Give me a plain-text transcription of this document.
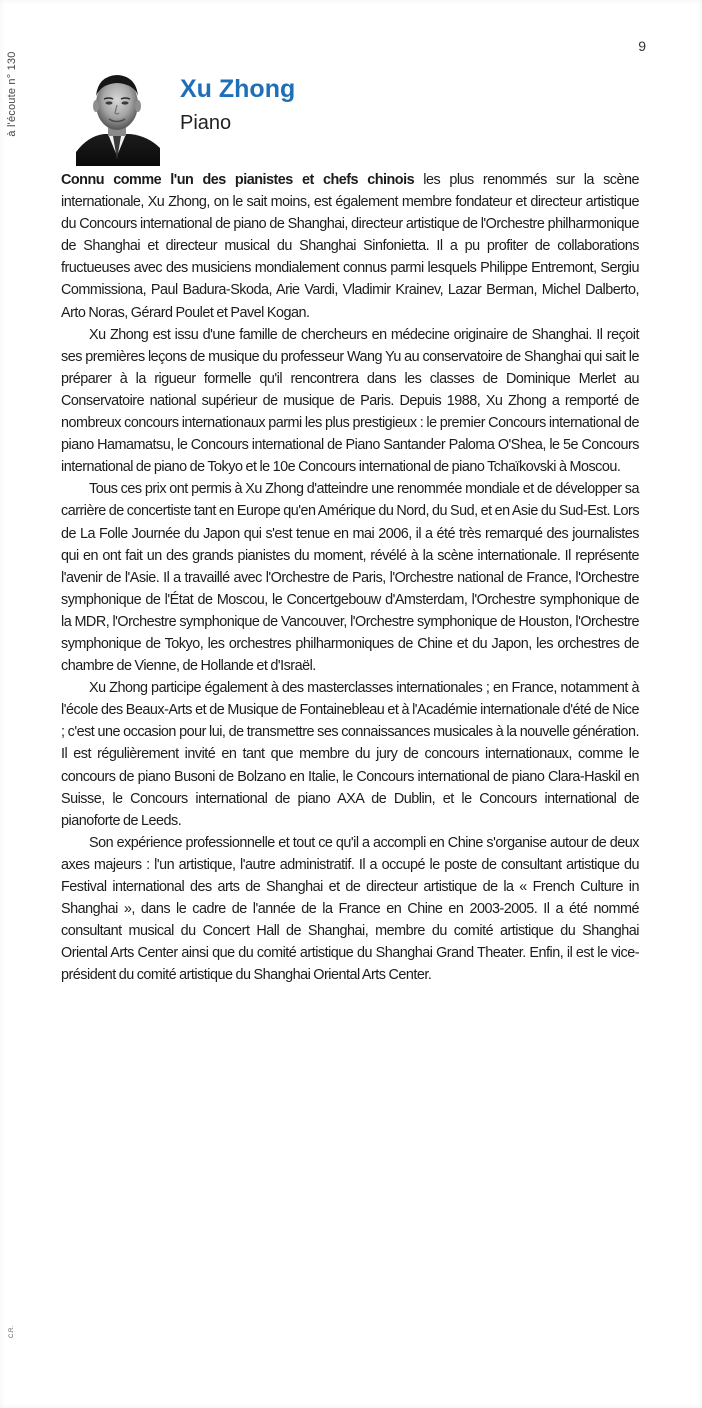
à l'écoute n° 130
9
Xu Zhong
Piano

Connu comme l'un des pianistes et chefs chinois les plus renommés sur la scène internationale, Xu Zhong, on le sait moins, est également membre fondateur et directeur artistique du Concours international de piano de Shanghai, directeur artistique de l'Orchestre philharmonique de Shanghai et directeur musical du Shanghai Sinfonietta. Il a pu profiter de collaborations fructueuses avec des musiciens mondialement connus parmi lesquels Philippe Entremont, Sergiu Commissiona, Paul Badura-Skoda, Arie Vardi, Vladimir Krainev, Lazar Berman, Michel Dalberto, Arto Noras, Gérard Poulet et Pavel Kogan.

Xu Zhong est issu d'une famille de chercheurs en médecine originaire de Shanghai. Il reçoit ses premières leçons de musique du professeur Wang Yu au conservatoire de Shanghai qui sait le préparer à la rigueur formelle qu'il rencontrera dans les classes de Dominique Merlet au Conservatoire national supérieur de musique de Paris. Depuis 1988, Xu Zhong a remporté de nombreux concours internationaux parmi les plus prestigieux : le premier Concours international de piano Hamamatsu, le Concours international de Piano Santander Paloma O'Shea, le 5e Concours international de piano de Tokyo et le 10e Concours international de piano Tchaïkovski à Moscou.

Tous ces prix ont permis à Xu Zhong d'atteindre une renommée mondiale et de développer sa carrière de concertiste tant en Europe qu'en Amérique du Nord, du Sud, et en Asie du Sud-Est. Lors de La Folle Journée du Japon qui s'est tenue en mai 2006, il a été très remarqué des journalistes qui en ont fait un des grands pianistes du moment, révélé à la scène internationale. Il représente l'avenir de l'Asie. Il a travaillé avec l'Orchestre de Paris, l'Orchestre national de France, l'Orchestre symphonique de l'État de Moscou, le Concertgebouw d'Amsterdam, l'Orchestre symphonique de la MDR, l'Orchestre symphonique de Vancouver, l'Orchestre symphonique de Houston, l'Orchestre symphonique de Tokyo, les orchestres philharmoniques de Chine et du Japon, les orchestres de chambre de Vienne, de Hollande et d'Israël.

Xu Zhong participe également à des masterclasses internationales ; en France, notamment à l'école des Beaux-Arts et de Musique de Fontainebleau et à l'Académie internationale d'été de Nice ; c'est une occasion pour lui, de transmettre ses connaissances musicales à la nouvelle génération. Il est régulièrement invité en tant que membre du jury de concours internationaux, comme le concours de piano Busoni de Bolzano en Italie, le Concours international de piano Clara-Haskil en Suisse, le Concours international de piano AXA de Dublin, et le Concours international de pianoforte de Leeds.

Son expérience professionnelle et tout ce qu'il a accompli en Chine s'organise autour de deux axes majeurs : l'un artistique, l'autre administratif. Il a occupé le poste de consultant artistique du Festival international des arts de Shanghai et de directeur artistique de la « French Culture in Shanghai », dans le cadre de l'année de la France en Chine en 2003-2005. Il a été nommé consultant musical du Concert Hall de Shanghai, membre du comité artistique du Shanghai Oriental Arts Center ainsi que du comité artistique du Shanghai Grand Theater. Enfin, il est le vice-président du comité artistique du Shanghai Oriental Arts Center.

C.R.
